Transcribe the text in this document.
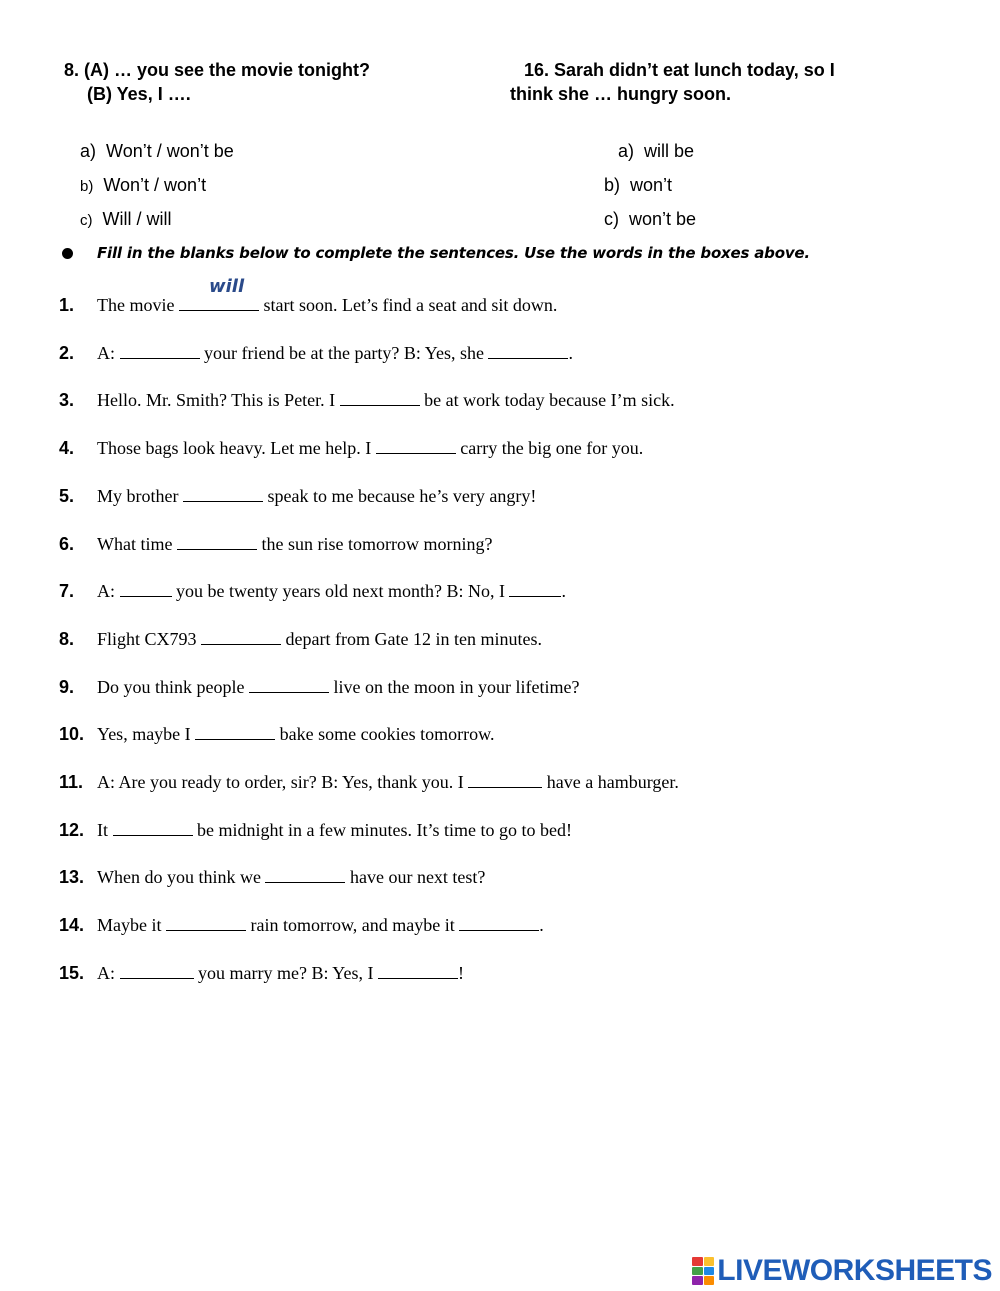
8. (A) … you see the movie tonight?
(B) Yes, I ….
16. Sarah didn’t eat lunch today, so I
think she … hungry soon.
a) Won’t / won’t be
b) Won’t / won’t
c) Will / will
a) will be
b) won’t
c) won’t be
Fill in the blanks below to complete the sentences. Use the words in the boxes above.
1. The movie
will
start soon. Let’s find a seat and sit down.
2. A:	your friend be at the party? B: Yes, she	.
3. Hello. Mr. Smith? This is Peter. I	be at work today because I’m sick.
4. Those bags look heavy. Let me help. I	carry the big one for you.
5. My brother	speak to me because he’s very angry!
6. What time	the sun rise tomorrow morning?
7. A:	you be twenty years old next month? B: No, I	.
8. Flight CX793	depart from Gate 12 in ten minutes.
9. Do you think people	live on the moon in your lifetime?
10. Yes, maybe I	bake some cookies tomorrow.
11. A: Are you ready to order, sir? B: Yes, thank you. I	have a hamburger.
12. It	be midnight in a few minutes. It’s time to go to bed!
13. When do you think we	have our next test?
14. Maybe it	rain tomorrow, and maybe it	.
15. A:	you marry me? B: Yes, I	!
LIVEWORKSHEETS
